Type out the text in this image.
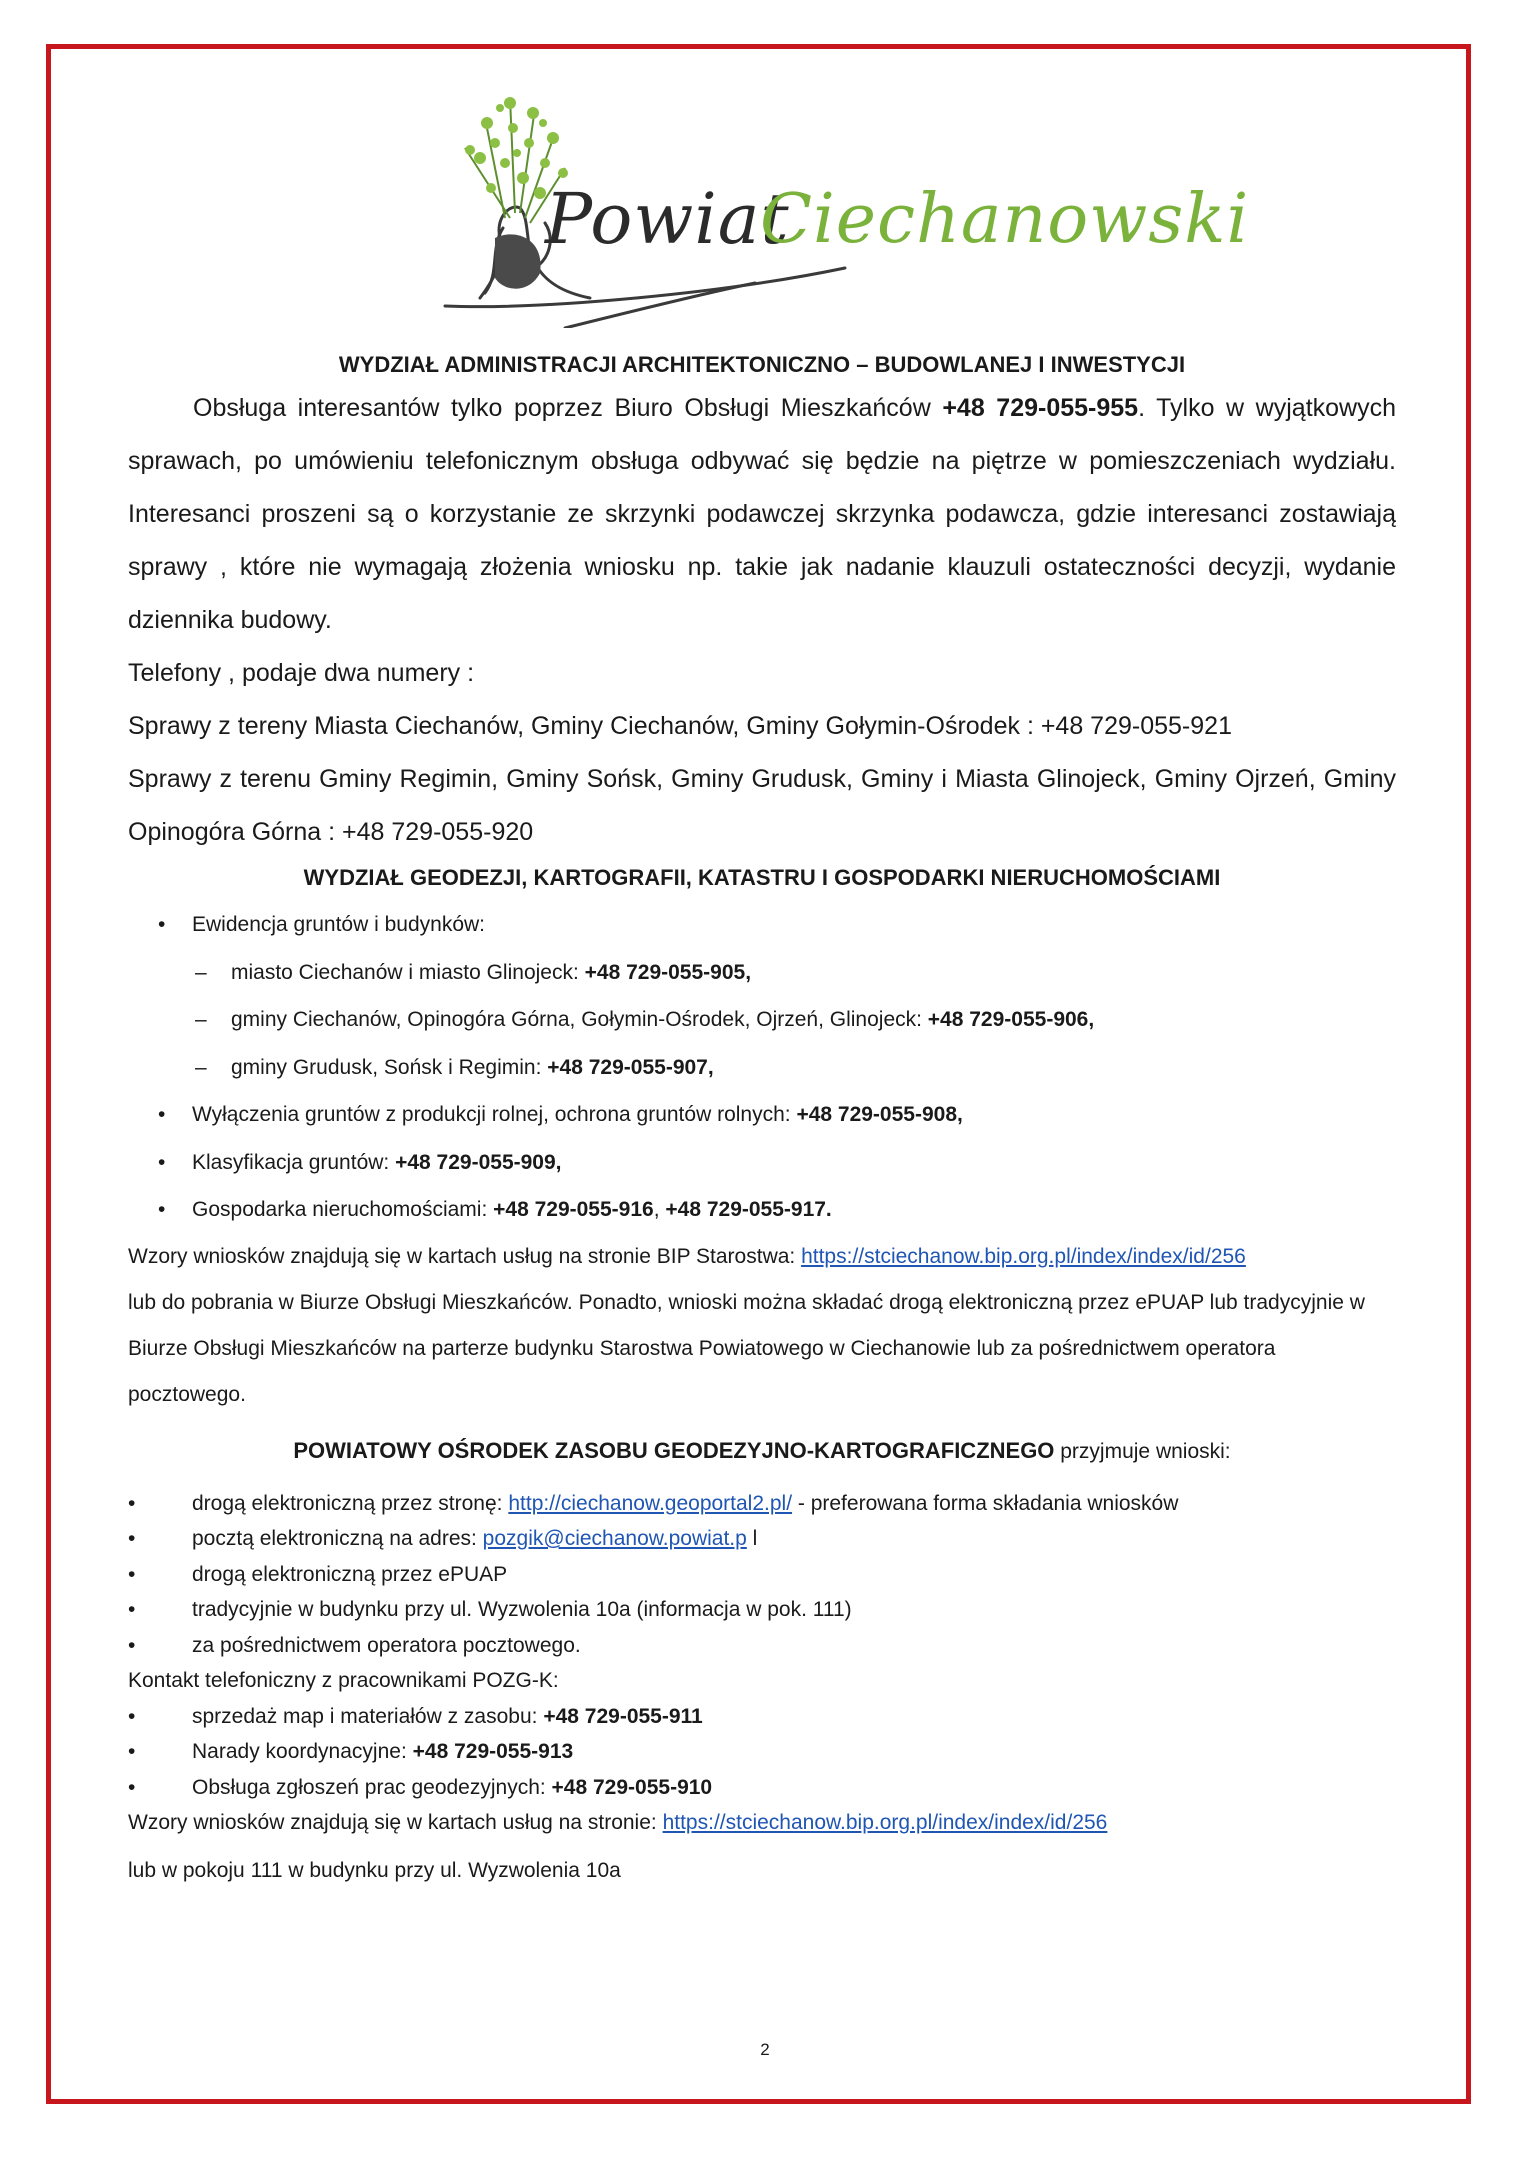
Powiat
Ciechanowski
WYDZIAŁ ADMINISTRACJI ARCHITEKTONICZNO – BUDOWLANEJ I INWESTYCJI

Obsługa interesantów tylko poprzez Biuro Obsługi Mieszkańców +48 729-055-955. Tylko w wyjątkowych sprawach, po umówieniu telefonicznym obsługa odbywać się będzie na piętrze w pomieszczeniach wydziału. Interesanci proszeni są o korzystanie ze skrzynki podawczej skrzynka podawcza, gdzie interesanci zostawiają sprawy , które nie wymagają złożenia wniosku np. takie jak nadanie klauzuli ostateczności decyzji, wydanie dziennika budowy.

Telefony , podaje dwa numery :

Sprawy z tereny Miasta Ciechanów, Gminy Ciechanów, Gminy Gołymin-Ośrodek : +48 729-055-921

Sprawy z terenu Gminy Regimin, Gminy Sońsk, Gminy Grudusk, Gminy i Miasta Glinojeck, Gminy Ojrzeń, Gminy Opinogóra Górna : +48 729-055-920

WYDZIAŁ GEODEZJI, KARTOGRAFII, KATASTRU I GOSPODARKI NIERUCHOMOŚCIAMI
• Ewidencja gruntów i budynków:
– miasto Ciechanów i miasto Glinojeck: +48 729-055-905,
– gminy Ciechanów, Opinogóra Górna, Gołymin-Ośrodek, Ojrzeń, Glinojeck: +48 729-055-906,
– gminy Grudusk, Sońsk i Regimin: +48 729-055-907,
• Wyłączenia gruntów z produkcji rolnej, ochrona gruntów rolnych: +48 729-055-908,
• Klasyfikacja gruntów: +48 729-055-909,
• Gospodarka nieruchomościami: +48 729-055-916, +48 729-055-917.
Wzory wniosków znajdują się w kartach usług na stronie BIP Starostwa: https://stciechanow.bip.org.pl/index/index/id/256
lub do pobrania w Biurze Obsługi Mieszkańców. Ponadto, wnioski można składać drogą elektroniczną przez ePUAP lub tradycyjnie w Biurze Obsługi Mieszkańców na parterze budynku Starostwa Powiatowego w Ciechanowie lub za pośrednictwem operatora pocztowego.
POWIATOWY OŚRODEK ZASOBU GEODEZYJNO-KARTOGRAFICZNEGO przyjmuje wnioski:
• drogą elektroniczną przez stronę: http://ciechanow.geoportal2.pl/ - preferowana forma składania wniosków
• pocztą elektroniczną na adres: pozgik@ciechanow.powiat.p l
• drogą elektroniczną przez ePUAP
• tradycyjnie w budynku przy ul. Wyzwolenia 10a (informacja w pok. 111)
• za pośrednictwem operatora pocztowego.
Kontakt telefoniczny z pracownikami POZG-K:
• sprzedaż map i materiałów z zasobu: +48 729-055-911
• Narady koordynacyjne: +48 729-055-913
• Obsługa zgłoszeń prac geodezyjnych: +48 729-055-910
Wzory wniosków znajdują się w kartach usług na stronie: https://stciechanow.bip.org.pl/index/index/id/256
lub w pokoju 111 w budynku przy ul. Wyzwolenia 10a
2
